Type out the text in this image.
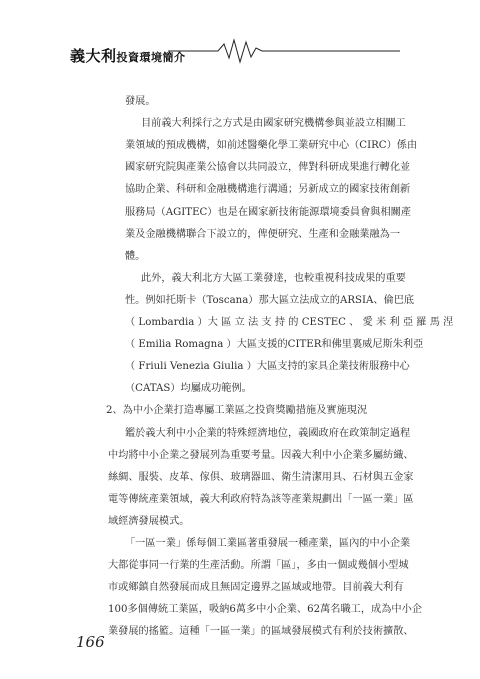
義大利投資環境簡介
發展。
目前義大利採行之方式是由國家研究機構參與並設立相關工
業領域的預成機構，如前述醫藥化學工業研究中心（CIRC）係由
國家研究院與產業公協會以共同設立，俾對科研成果進行轉化並
協助企業、科研和金融機構進行溝通；另新成立的國家技術創新
服務局（AGITEC）也是在國家新技術能源環境委員會與相關產
業及金融機構聯合下設立的，俾便研究、生產和金融業融為一
體。
此外，義大利北方大區工業發達，也較重視科技成果的重要
性。例如托斯卡（Toscana）那大區立法成立的ARSIA、倫巴底
（ Lombardia ）大 區 立 法 支 持 的 CESTEC 、 愛 米 利 亞 羅 馬 涅
（ Emilia Romagna ）大區支援的CITER和佛里裏威尼斯朱利亞
（ Friuli Venezia Giulia ）大區支持的家具企業技術服務中心
（CATAS）均屬成功範例。
2、為中小企業打造專屬工業區之投資獎勵措施及實施現況
鑑於義大利中小企業的特殊經濟地位，義國政府在政策制定過程
中均將中小企業之發展列為重要考量。因義大利中小企業多屬紡織、
絲綢、服裝、皮革、傢俱、玻璃器皿、衛生清潔用具、石材與五金家
電等傳統產業領域，義大利政府特為該等產業規劃出「一區一業」區
域經濟發展模式。
「一區一業」係每個工業區著重發展一種產業，區內的中小企業
大都從事同一行業的生產活動。所謂「區」，多由一個或幾個小型城
市或鄉鎮自然發展而成且無固定邊界之區域或地帶。目前義大利有
100多個傳統工業區，吸納6萬多中小企業、62萬名職工，成為中小企
業發展的搖籃。這種「一區一業」的區域發展模式有利於技術擴散、
166
